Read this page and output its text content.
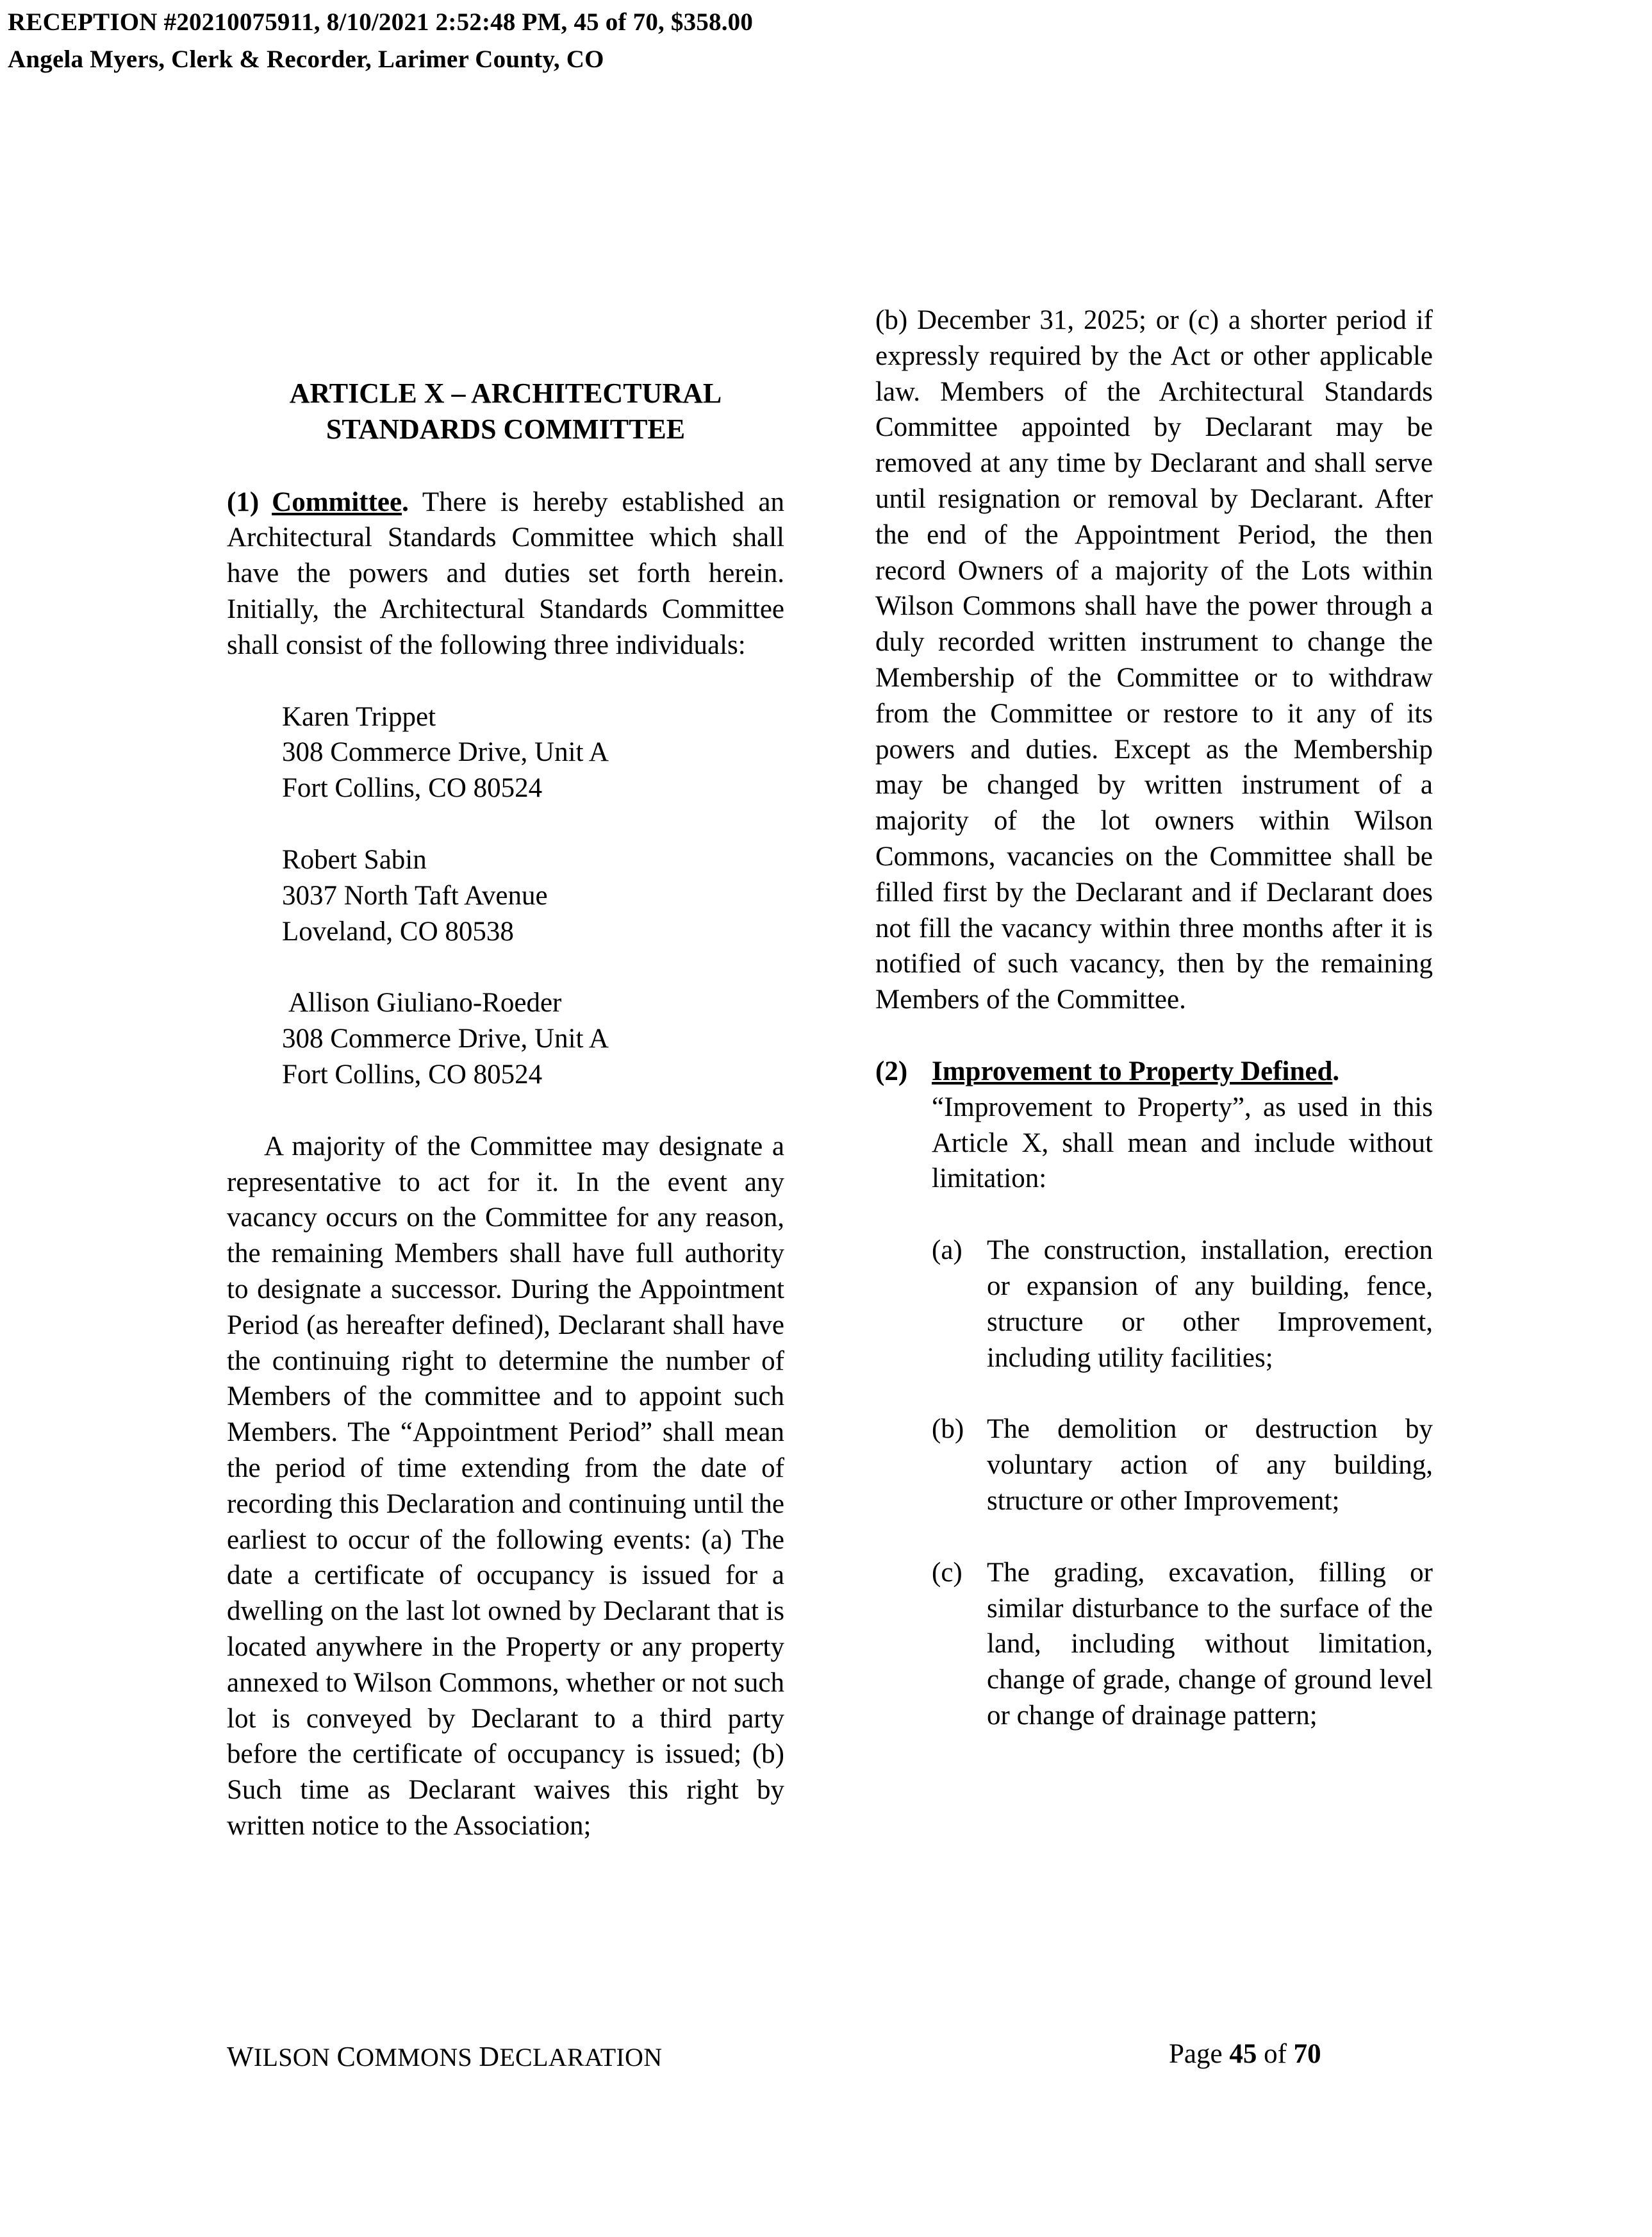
RECEPTION #20210075911, 8/10/2021 2:52:48 PM, 45 of 70, $358.00
Angela Myers, Clerk & Recorder, Larimer County, CO
ARTICLE X – ARCHITECTURAL
STANDARDS COMMITTEE
(1) Committee. There is hereby established an Architectural Standards Committee which shall have the powers and duties set forth herein. Initially, the Architectural Standards Committee shall consist of the following three individuals:
Karen Trippet
308 Commerce Drive, Unit A
Fort Collins, CO 80524
Robert Sabin
3037 North Taft Avenue
Loveland, CO 80538
Allison Giuliano-Roeder
308 Commerce Drive, Unit A
Fort Collins, CO 80524
A majority of the Committee may designate a representative to act for it. In the event any vacancy occurs on the Committee for any reason, the remaining Members shall have full authority to designate a successor. During the Appointment Period (as hereafter defined), Declarant shall have the continuing right to determine the number of Members of the committee and to appoint such Members. The “Appointment Period” shall mean the period of time extending from the date of recording this Declaration and continuing until the earliest to occur of the following events: (a) The date a certificate of occupancy is issued for a dwelling on the last lot owned by Declarant that is located anywhere in the Property or any property annexed to Wilson Commons, whether or not such lot is conveyed by Declarant to a third party before the certificate of occupancy is issued; (b) Such time as Declarant waives this right by written notice to the Association;
(b) December 31, 2025; or (c) a shorter period if expressly required by the Act or other applicable law. Members of the Architectural Standards Committee appointed by Declarant may be removed at any time by Declarant and shall serve until resignation or removal by Declarant. After the end of the Appointment Period, the then record Owners of a majority of the Lots within Wilson Commons shall have the power through a duly recorded written instrument to change the Membership of the Committee or to withdraw from the Committee or restore to it any of its powers and duties. Except as the Membership may be changed by written instrument of a majority of the lot owners within Wilson Commons, vacancies on the Committee shall be filled first by the Declarant and if Declarant does not fill the vacancy within three months after it is notified of such vacancy, then by the remaining Members of the Committee.
(2) Improvement to Property Defined.
“Improvement to Property”, as used in this Article X, shall mean and include without limitation:
(a) The construction, installation, erection or expansion of any building, fence, structure or other Improvement, including utility facilities;
(b) The demolition or destruction by voluntary action of any building, structure or other Improvement;
(c) The grading, excavation, filling or similar disturbance to the surface of the land, including without limitation, change of grade, change of ground level or change of drainage pattern;
WILSON COMMONS DECLARATION	Page 45 of 70
